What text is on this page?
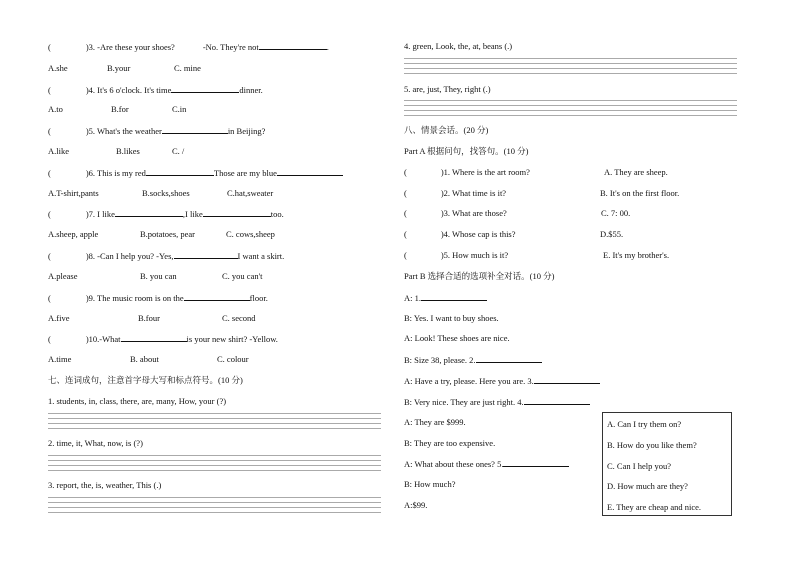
(	)3. -Are these your shoes?	-No. They're not	.
A.she	B.your	C. mine
(	)4. It's 6 o'clock. It's time	dinner.
A.to	B.for	C.in
(	)5. What's the weather	in Beijing?
A.like	B.likes	C. /
(	)6. This is my red	Those are my blue
A.T-shirt,pants	B.socks,shoes	C.hat,sweater
(	)7. I like	,I like	too.
A.sheep, apple	B.potatoes, pear	C. cows,sheep
(	)8. -Can I help you? -Yes,	I want a skirt.
A.please	B. you can	C. you can't
(	)9. The music room is on the	floor.
A.five	B.four	C. second
(	)10.-What	is your new shirt? -Yellow.
A.time	B. about	C. colour
七、连词成句，注意首字母大写和标点符号。(10 分)
1. students, in, class, there, are, many, How, your (?)
2. time, it, What, now, is (?)
3. report, the, is, weather, This (.)
4. green, Look, the, at, beans (.)
5. are, just, They, right (.)
八、情景会话。(20 分)
Part A 根据问句，找答句。(10 分)
(	)1. Where is the art room?	A. They are sheep.
(	)2. What time is it?	B. It's on the first floor.
(	)3. What are those?	C. 7: 00.
(	)4. Whose cap is this?	D.$55.
(	)5. How much is it?	E. It's my brother's.
Part B 选择合适的选项补全对话。(10 分)
A: 1.
B: Yes. I want to buy shoes.
A: Look! These shoes are nice.
B: Size 38, please. 2.
A: Have a try, please. Here you are. 3.
B: Very nice. They are just right. 4.
A: They are $999.
B: They are too expensive.
A: What about these ones? 5.
B: How much?
A:$99.
A. Can I try them on?
B. How do you like them?
C. Can I help you?
D. How much are they?
E. They are cheap and nice.
